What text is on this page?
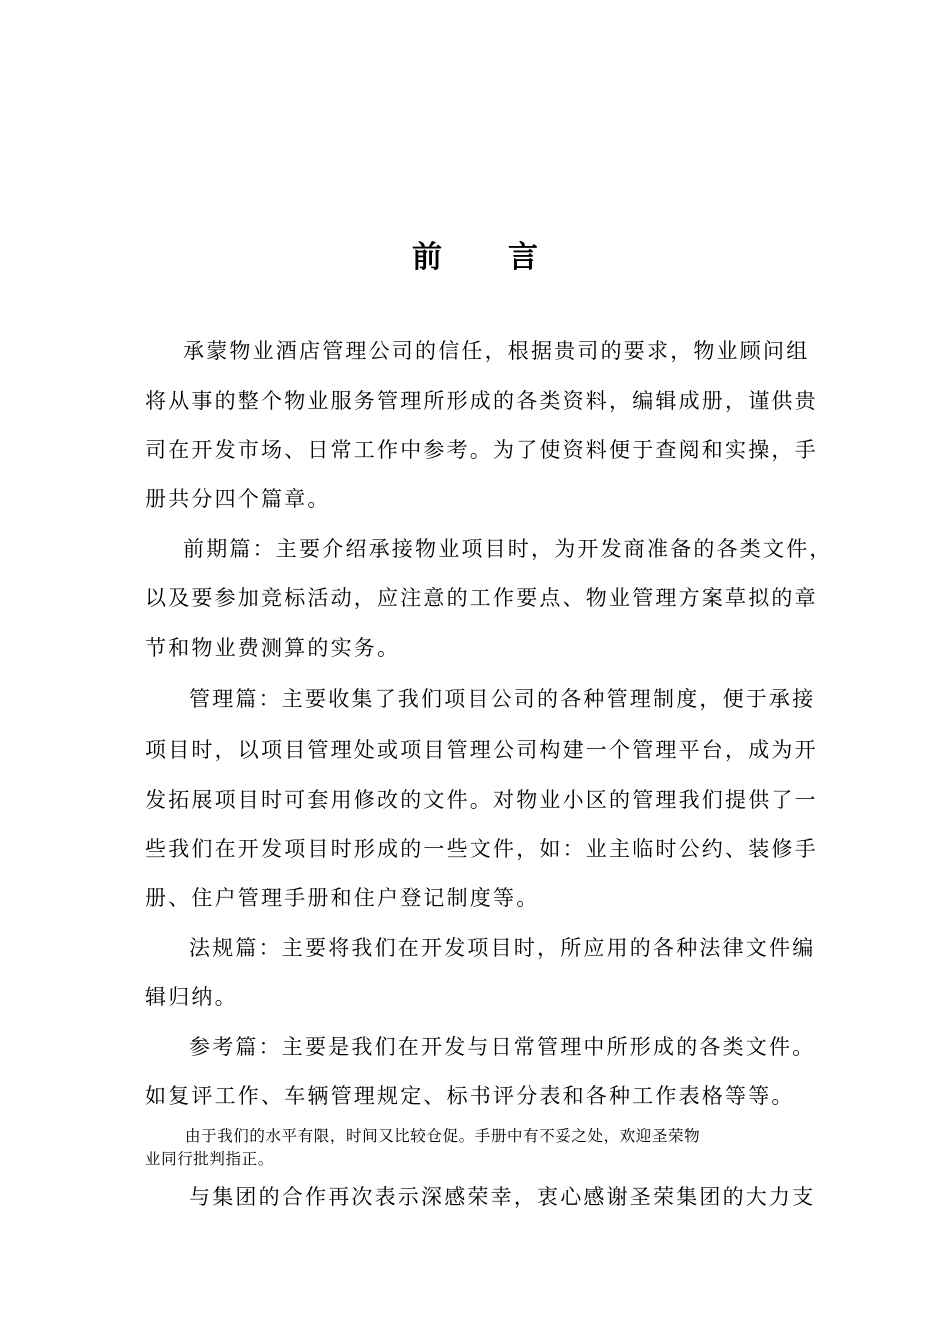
前 言
承蒙物业酒店管理公司的信任，根据贵司的要求，物业顾问组
将从事的整个物业服务管理所形成的各类资料，编辑成册，谨供贵
司在开发市场、日常工作中参考。为了使资料便于查阅和实操，手
册共分四个篇章。
前期篇：主要介绍承接物业项目时，为开发商准备的各类文件，
以及要参加竞标活动，应注意的工作要点、物业管理方案草拟的章
节和物业费测算的实务。
管理篇：主要收集了我们项目公司的各种管理制度，便于承接
项目时，以项目管理处或项目管理公司构建一个管理平台，成为开
发拓展项目时可套用修改的文件。对物业小区的管理我们提供了一
些我们在开发项目时形成的一些文件，如：业主临时公约、装修手
册、住户管理手册和住户登记制度等。
法规篇：主要将我们在开发项目时，所应用的各种法律文件编
辑归纳。
参考篇：主要是我们在开发与日常管理中所形成的各类文件。
如复评工作、车辆管理规定、标书评分表和各种工作表格等等。
由于我们的水平有限，时间又比较仓促。手册中有不妥之处，欢迎圣荣物
业同行批判指正。
与集团的合作再次表示深感荣幸，衷心感谢圣荣集团的大力支
